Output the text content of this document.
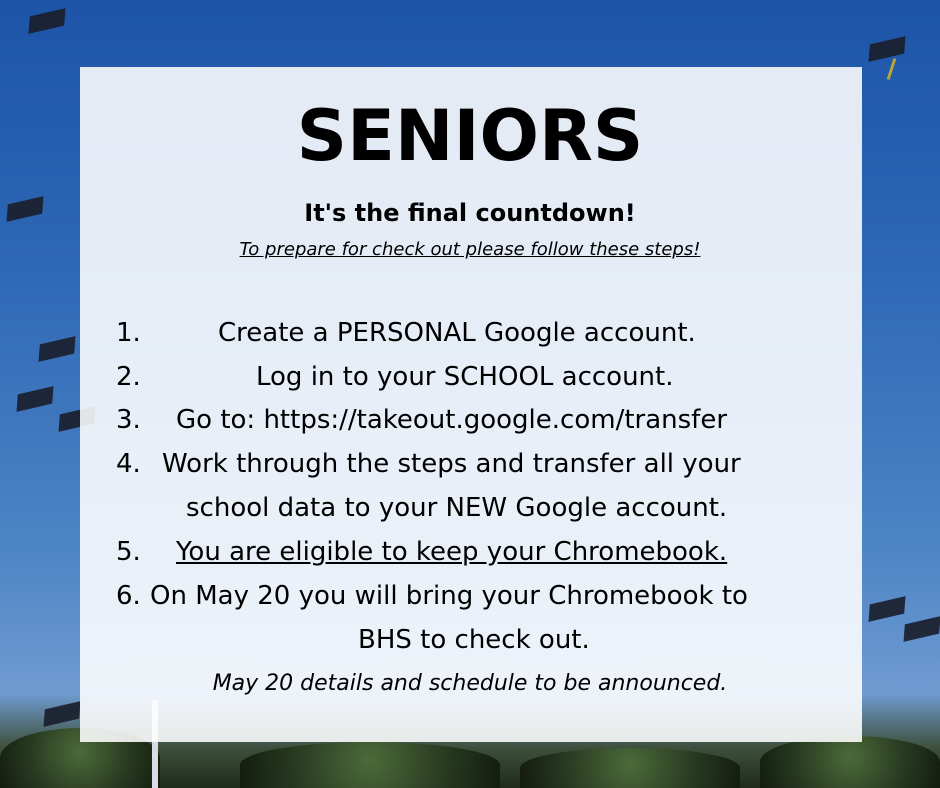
SENIORS
It's the final countdown!
To prepare for check out please follow these steps!
1.	Create a PERSONAL Google account.
2.	Log in to your SCHOOL account.
3. Go to: https://takeout.google.com/transfer
4. Work through the steps and transfer all your
school data to your NEW Google account.
5. You are eligible to keep your Chromebook.
6. On May 20 you will bring your Chromebook to
BHS to check out.
May 20 details and schedule to be announced.
